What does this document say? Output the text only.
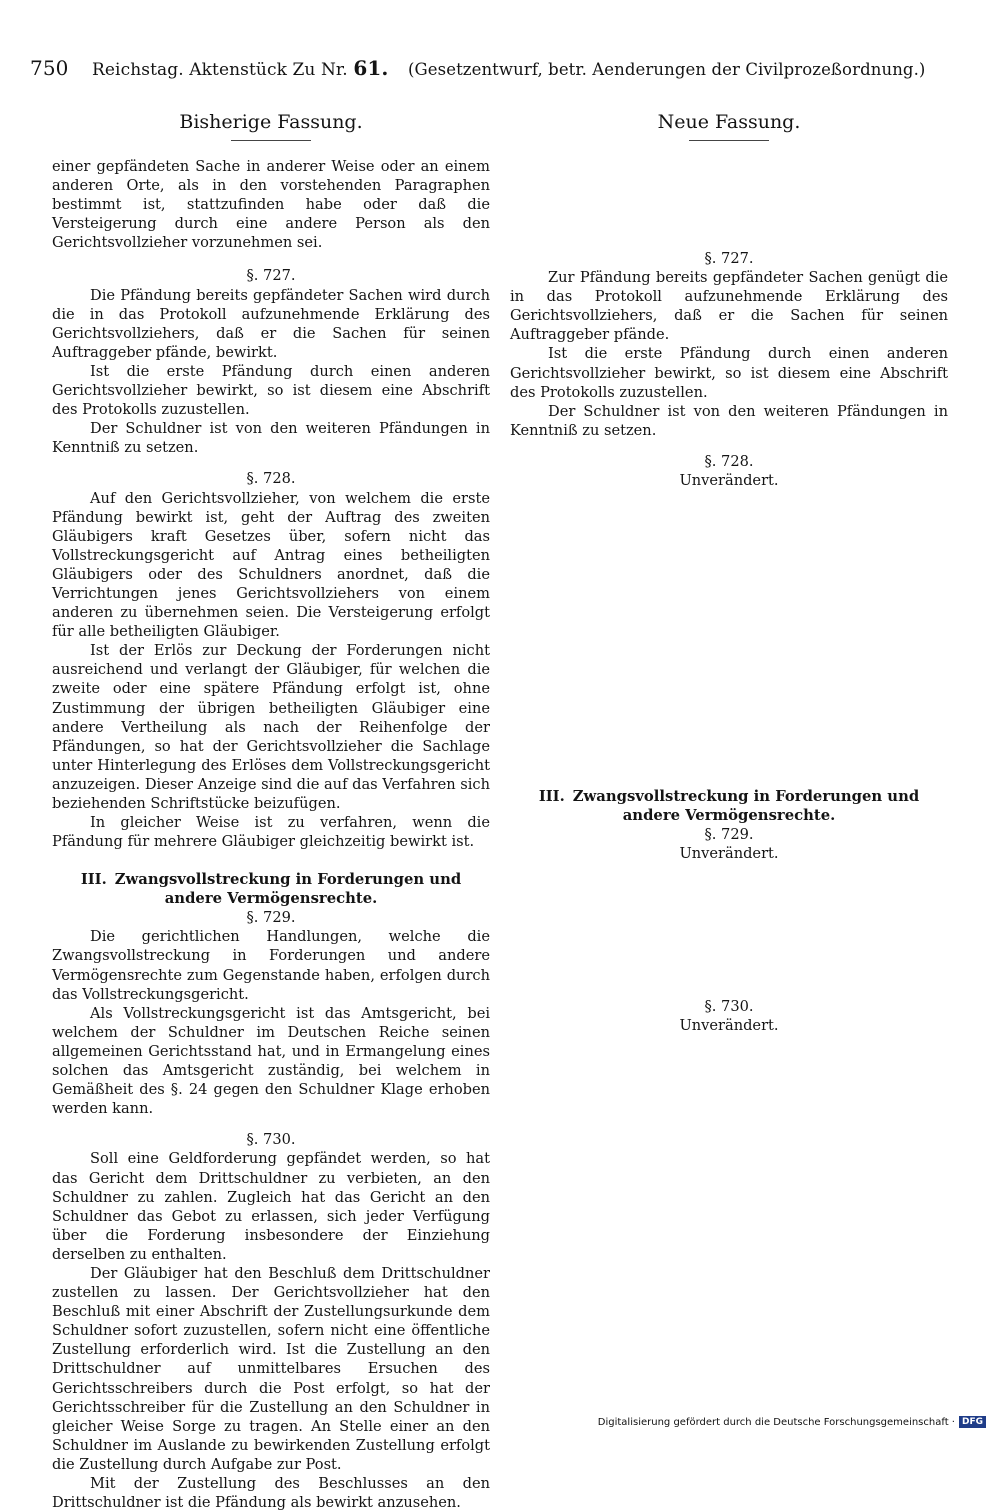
750 Reichstag. Aktenstück Zu Nr. 61. (Gesetzentwurf, betr. Aenderungen der Civilprozeßordnung.)
Bisherige Fassung.

einer gepfändeten Sache in anderer Weise oder an einem anderen Orte, als in den vorstehenden Paragraphen bestimmt ist, stattzufinden habe oder daß die Versteigerung durch eine andere Person als den Gerichtsvollzieher vorzunehmen sei.

§. 727.

Die Pfändung bereits gepfändeter Sachen wird durch die in das Protokoll aufzunehmende Erklärung des Gerichtsvollziehers, daß er die Sachen für seinen Auftraggeber pfände, bewirkt.

Ist die erste Pfändung durch einen anderen Gerichtsvollzieher bewirkt, so ist diesem eine Abschrift des Protokolls zuzustellen.

Der Schuldner ist von den weiteren Pfändungen in Kenntniß zu setzen.

§. 728.

Auf den Gerichtsvollzieher, von welchem die erste Pfändung bewirkt ist, geht der Auftrag des zweiten Gläubigers kraft Gesetzes über, sofern nicht das Vollstreckungsgericht auf Antrag eines betheiligten Gläubigers oder des Schuldners anordnet, daß die Verrichtungen jenes Gerichtsvollziehers von einem anderen zu übernehmen seien. Die Versteigerung erfolgt für alle betheiligten Gläubiger.

Ist der Erlös zur Deckung der Forderungen nicht ausreichend und verlangt der Gläubiger, für welchen die zweite oder eine spätere Pfändung erfolgt ist, ohne Zustimmung der übrigen betheiligten Gläubiger eine andere Vertheilung als nach der Reihenfolge der Pfändungen, so hat der Gerichtsvollzieher die Sachlage unter Hinterlegung des Erlöses dem Vollstreckungsgericht anzuzeigen. Dieser Anzeige sind die auf das Verfahren sich beziehenden Schriftstücke beizufügen.

In gleicher Weise ist zu verfahren, wenn die Pfändung für mehrere Gläubiger gleichzeitig bewirkt ist.

III. Zwangsvollstreckung in Forderungen und andere Vermögensrechte.

§. 729.

Die gerichtlichen Handlungen, welche die Zwangsvollstreckung in Forderungen und andere Vermögensrechte zum Gegenstande haben, erfolgen durch das Vollstreckungsgericht.

Als Vollstreckungsgericht ist das Amtsgericht, bei welchem der Schuldner im Deutschen Reiche seinen allgemeinen Gerichtsstand hat, und in Ermangelung eines solchen das Amtsgericht zuständig, bei welchem in Gemäßheit des §. 24 gegen den Schuldner Klage erhoben werden kann.

§. 730.

Soll eine Geldforderung gepfändet werden, so hat das Gericht dem Drittschuldner zu verbieten, an den Schuldner zu zahlen. Zugleich hat das Gericht an den Schuldner das Gebot zu erlassen, sich jeder Verfügung über die Forderung insbesondere der Einziehung derselben zu enthalten.

Der Gläubiger hat den Beschluß dem Drittschuldner zustellen zu lassen. Der Gerichtsvollzieher hat den Beschluß mit einer Abschrift der Zustellungsurkunde dem Schuldner sofort zuzustellen, sofern nicht eine öffentliche Zustellung erforderlich wird. Ist die Zustellung an den Drittschuldner auf unmittelbares Ersuchen des Gerichtsschreibers durch die Post erfolgt, so hat der Gerichtsschreiber für die Zustellung an den Schuldner in gleicher Weise Sorge zu tragen. An Stelle einer an den Schuldner im Auslande zu bewirkenden Zustellung erfolgt die Zustellung durch Aufgabe zur Post.

Mit der Zustellung des Beschlusses an den Drittschuldner ist die Pfändung als bewirkt anzusehen.

Neue Fassung.

§. 727.

Zur Pfändung bereits gepfändeter Sachen genügt die in das Protokoll aufzunehmende Erklärung des Gerichtsvollziehers, daß er die Sachen für seinen Auftraggeber pfände.

Ist die erste Pfändung durch einen anderen Gerichtsvollzieher bewirkt, so ist diesem eine Abschrift des Protokolls zuzustellen.

Der Schuldner ist von den weiteren Pfändungen in Kenntniß zu setzen.

§. 728.

Unverändert.

III. Zwangsvollstreckung in Forderungen und andere Vermögensrechte.

§. 729.

Unverändert.

§. 730.

Unverändert.

Digitalisierung gefördert durch die Deutsche Forschungsgemeinschaft · DFG
